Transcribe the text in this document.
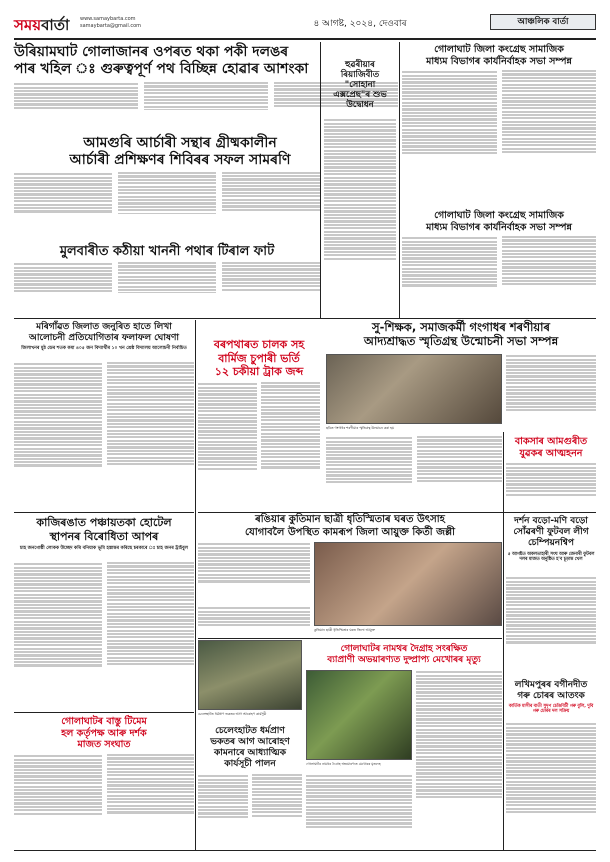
সময়বাৰ্তা	www.samaybarta.com
samaybarta@gmail.com	৪ আগষ্ট, ২০২৪, দেওবাৰ	আঞ্চলিক বাৰ্তা
উৰিয়ামঘাট গোলাজানৰ ওপৰত থকা পকী দলঙৰ
পাৰ খহিল ঃ গুৰুত্বপূৰ্ণ পথ বিচ্ছিন্ন হোৱাৰ আশংকা	হুৱৰীয়াৰ
ৰিয়াজিবীত
"সোহানা
এক্সপ্ৰেছ"ৰ শুভ
উদ্বোধন
আমগুৰি আৰ্চাৰী সন্থাৰ গ্ৰীষ্মকালীন
আৰ্চাৰী প্ৰশিক্ষণৰ শিবিৰৰ সফল সামৰণি
মুলবাৰীত কঠীয়া খাননী পথাৰ টিৰাল ফাট
গোলাঘাট জিলা কংগ্ৰেছ সামাজিক
মাধ্যম বিভাগৰ কাৰ্যনিৰ্বাহক সভা সম্পন্ন
গোলাঘাট জিলা কংগ্ৰেছ সামাজিক
মাধ্যম বিভাগৰ কাৰ্যনিৰ্বাহক সভা সম্পন্ন
সু-শিক্ষক, সমাজকৰ্মী গংগাধৰ শৰণীয়াৰ
আদ্যশ্ৰাদ্ধত স্মৃতিগ্ৰন্থ উন্মোচনী সভা সম্পন্ন
ছবিত গংগাধৰ শৰণীয়াৰ স্মৃতিগ্ৰন্থ উন্মোচন কৰা হয়
মৰিগাঁৱত জিলাত জনুৰিত হাতে লিখা
আলোচনী প্ৰতিযোগিতাৰ ফলাফল ঘোষণা
জিলাখনৰ মুঠ ডেৰ শতক কমা ৪০৫ জন বিদ্যাৰ্থীৰ ১০ খন শ্ৰেষ্ঠ বিদ্যালয় আলোচনী নিৰ্বাচিত	বৰপথাৰত চালক সহ
বাৰ্মিজ চুপাৰী ভৰ্তি
১২ চকীয়া ট্ৰাক জব্দ
বাকসাৰ আমগুৰীত
যুৱকৰ আত্মহনন
ৰঙিয়াৰ কুতিমান ছাত্ৰী ধৃতিস্মিতাৰ ঘৰত উৎসাহ
যোগাবলৈ উপস্থিত কামৰূপ জিলা আয়ুক্ত কিৰ্তী জল্লী
কুতিমান ছাত্ৰী ধৃতিস্মিতাৰ ঘৰত জিলা আয়ুক্ত
দৰ্শন বড়ো-মণি বড়ো
সোঁৱৰণী ফুটবল লীগ
চেম্পিয়নশ্বিপ
৫ আগষ্টত অকলতাহাৰী সংঘ আৰু জেনাৰী ফুটবল দলৰ মাজত অনুষ্ঠিত হ'ব চূড়ান্ত খেল
কাজিৰঙাত পঞ্চায়তকা হোটেল
স্থাপনৰ বিৰোধিতা আপৰ
চাহ জনগোষ্ঠী লোকক উচ্ছেদ কৰি বনিয়াক ভূমি হস্তান্তৰ কৰিছে চৰকাৰে ঃ চাহ জনৰ ট্ৰাইবুল
গোলাঘাটৰ বাস্তু টিমেম
হল কৰ্তৃপক্ষ আৰু দৰ্শক
মাজত সংঘাত
চেলেংহাটত ধৰ্মপ্ৰাণ ভকতৰ আগ আৰোহণ কাৰ্যসূচী
চেলেংহাটত ধৰ্মপ্ৰাণ
ভকতৰ আগ আৰোহণ
কামনাৰে আধ্যাত্মিক
কাৰ্যসূচী পালন
গোলাঘাটৰ নামথৰ দৈগ্ৰাহ সংৰক্ষিত
ব্যাপ্ৰাণী অভয়াৰণ্যত দুষ্প্ৰাপ্য মেখোৰৰ মৃত্যু
গোলাঘাটৰ নামথৰ দৈগ্ৰাহ অভয়াৰণ্যত মেখোৰৰ মৃতদেহ
লখিমপুৰৰ বগীনদীত
গৰু চোৰৰ আতংক
কাৰ্তিক মাসীৰ বাতী সুদৃপ চেঙিবিটী গৰু বুলি, দুবি গৰু চোৰৰ দল সক্ৰিয়
